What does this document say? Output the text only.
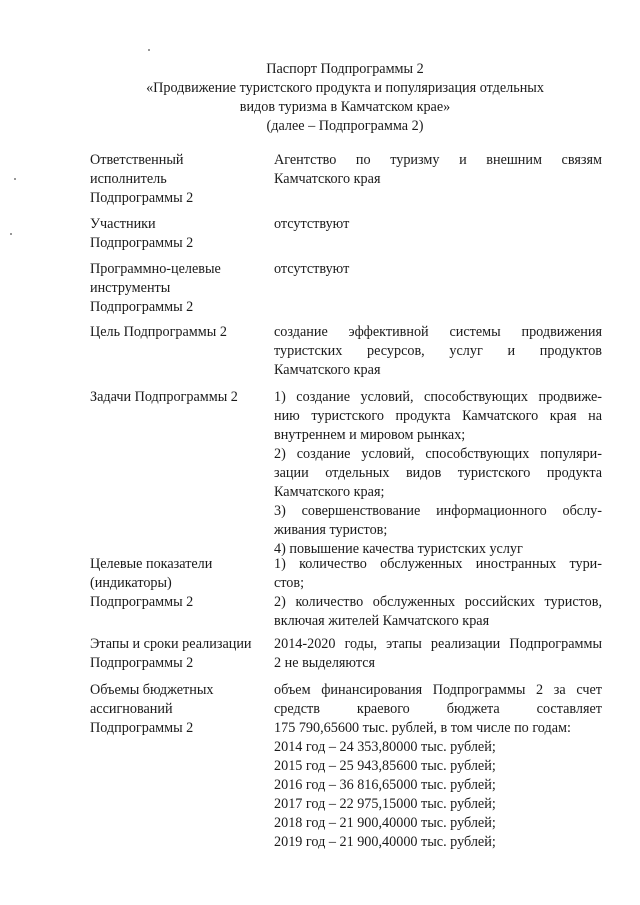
Паспорт Подпрограммы 2
«Продвижение туристского продукта и популяризация отдельных
видов туризма в Камчатском крае»
(далее – Подпрограмма 2)
Ответственный
исполнитель
Подпрограммы 2
Агентство по туризму и внешним связям
Камчатского края
Участники
Подпрограммы 2
отсутствуют
Программно-целевые
инструменты
Подпрограммы 2
отсутствуют
Цель Подпрограммы 2	создание эффективной системы продвижения
туристских ресурсов, услуг и продуктов
Камчатского края
Задачи Подпрограммы 2	1) создание условий, способствующих продвиже-
нию туристского продукта Камчатского края на
внутреннем и мировом рынках;
2) создание условий, способствующих популяри-
зации отдельных видов туристского продукта
Камчатского края;
3) совершенствование информационного обслу-
живания туристов;
4) повышение качества туристских услуг
Целевые показатели
(индикаторы)
Подпрограммы 2
1) количество обслуженных иностранных тури-
стов;
2) количество обслуженных российских туристов,
включая жителей Камчатского края
Этапы и сроки реализации
Подпрограммы 2
2014-2020 годы, этапы реализации Подпрограммы
2 не выделяются
Объемы бюджетных
ассигнований
Подпрограммы 2
объем финансирования Подпрограммы 2 за счет
средств краевого бюджета составляет
175 790,65600 тыс. рублей, в том числе по годам:
2014 год – 24 353,80000 тыс. рублей;
2015 год – 25 943,85600 тыс. рублей;
2016 год – 36 816,65000 тыс. рублей;
2017 год – 22 975,15000 тыс. рублей;
2018 год – 21 900,40000 тыс. рублей;
2019 год – 21 900,40000 тыс. рублей;
